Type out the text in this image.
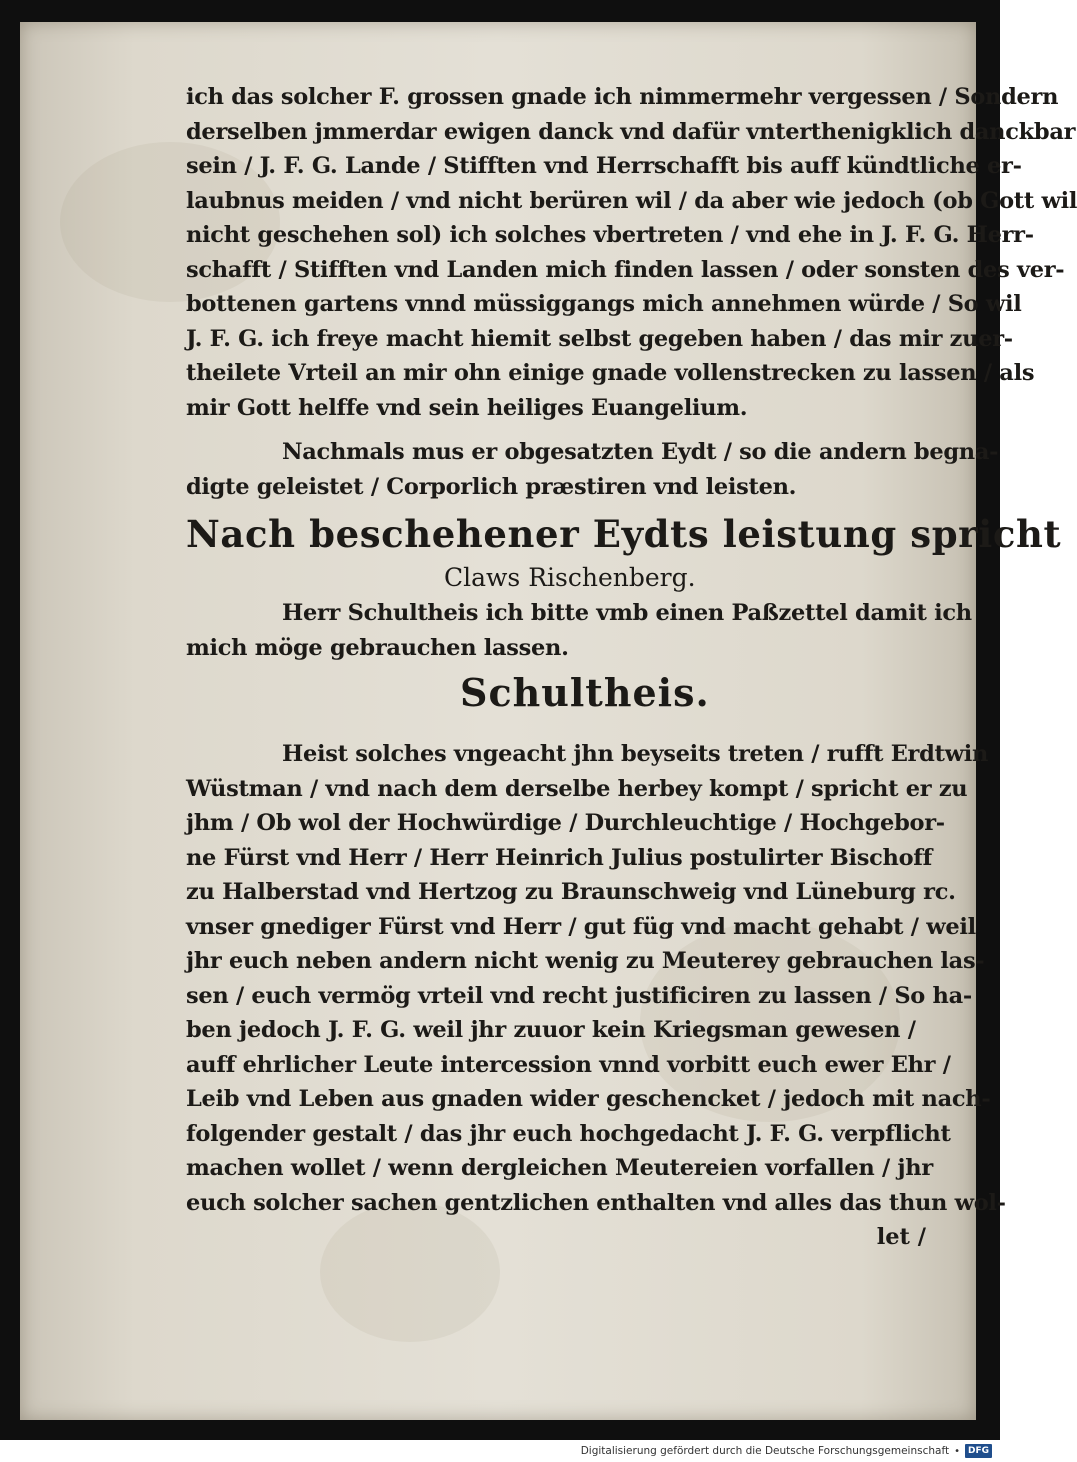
ich das solcher F. grossen gnade ich nimmermehr vergessen / Sondern
derselben jmmerdar ewigen danck vnd dafür vnterthenigklich danckbar
sein / J. F. G. Lande / Stifften vnd Herrschafft bis auff kündtliche er-
laubnus meiden / vnd nicht berüren wil / da aber wie jedoch (ob Gott wil
nicht geschehen sol) ich solches vbertreten / vnd ehe in J. F. G. Herr-
schafft / Stifften vnd Landen mich finden lassen / oder sonsten des ver-
bottenen gartens vnnd müssiggangs mich annehmen würde / So wil
J. F. G. ich freye macht hiemit selbst gegeben haben / das mir zuer-
theilete Vrteil an mir ohn einige gnade vollenstrecken zu lassen / als
mir Gott helffe vnd sein heiliges Euangelium.
Nachmals mus er obgesatzten Eydt / so die andern begna-
digte geleistet / Corporlich præstiren vnd leisten.
Nach beschehener Eydts leistung spricht
Claws Rischenberg.
Herr Schultheis ich bitte vmb einen Paßzettel damit ich
mich möge gebrauchen lassen.
Schultheis.
Heist solches vngeacht jhn beyseits treten / rufft Erdtwin
Wüstman / vnd nach dem derselbe herbey kompt / spricht er zu
jhm / Ob wol der Hochwürdige / Durchleuchtige / Hochgebor-
ne Fürst vnd Herr / Herr Heinrich Julius postulirter Bischoff
zu Halberstad vnd Hertzog zu Braunschweig vnd Lüneburg rc.
vnser gnediger Fürst vnd Herr / gut füg vnd macht gehabt / weil
jhr euch neben andern nicht wenig zu Meuterey gebrauchen las-
sen / euch vermög vrteil vnd recht justificiren zu lassen / So ha-
ben jedoch J. F. G. weil jhr zuuor kein Kriegsman gewesen /
auff ehrlicher Leute intercession vnnd vorbitt euch ewer Ehr /
Leib vnd Leben aus gnaden wider geschencket / jedoch mit nach-
folgender gestalt / das jhr euch hochgedacht J. F. G. verpflicht
machen wollet / wenn dergleichen Meutereien vorfallen / jhr
euch solcher sachen gentzlichen enthalten vnd alles das thun wol-
let /
Digitalisierung gefördert durch die Deutsche Forschungsgemeinschaft • DFG
